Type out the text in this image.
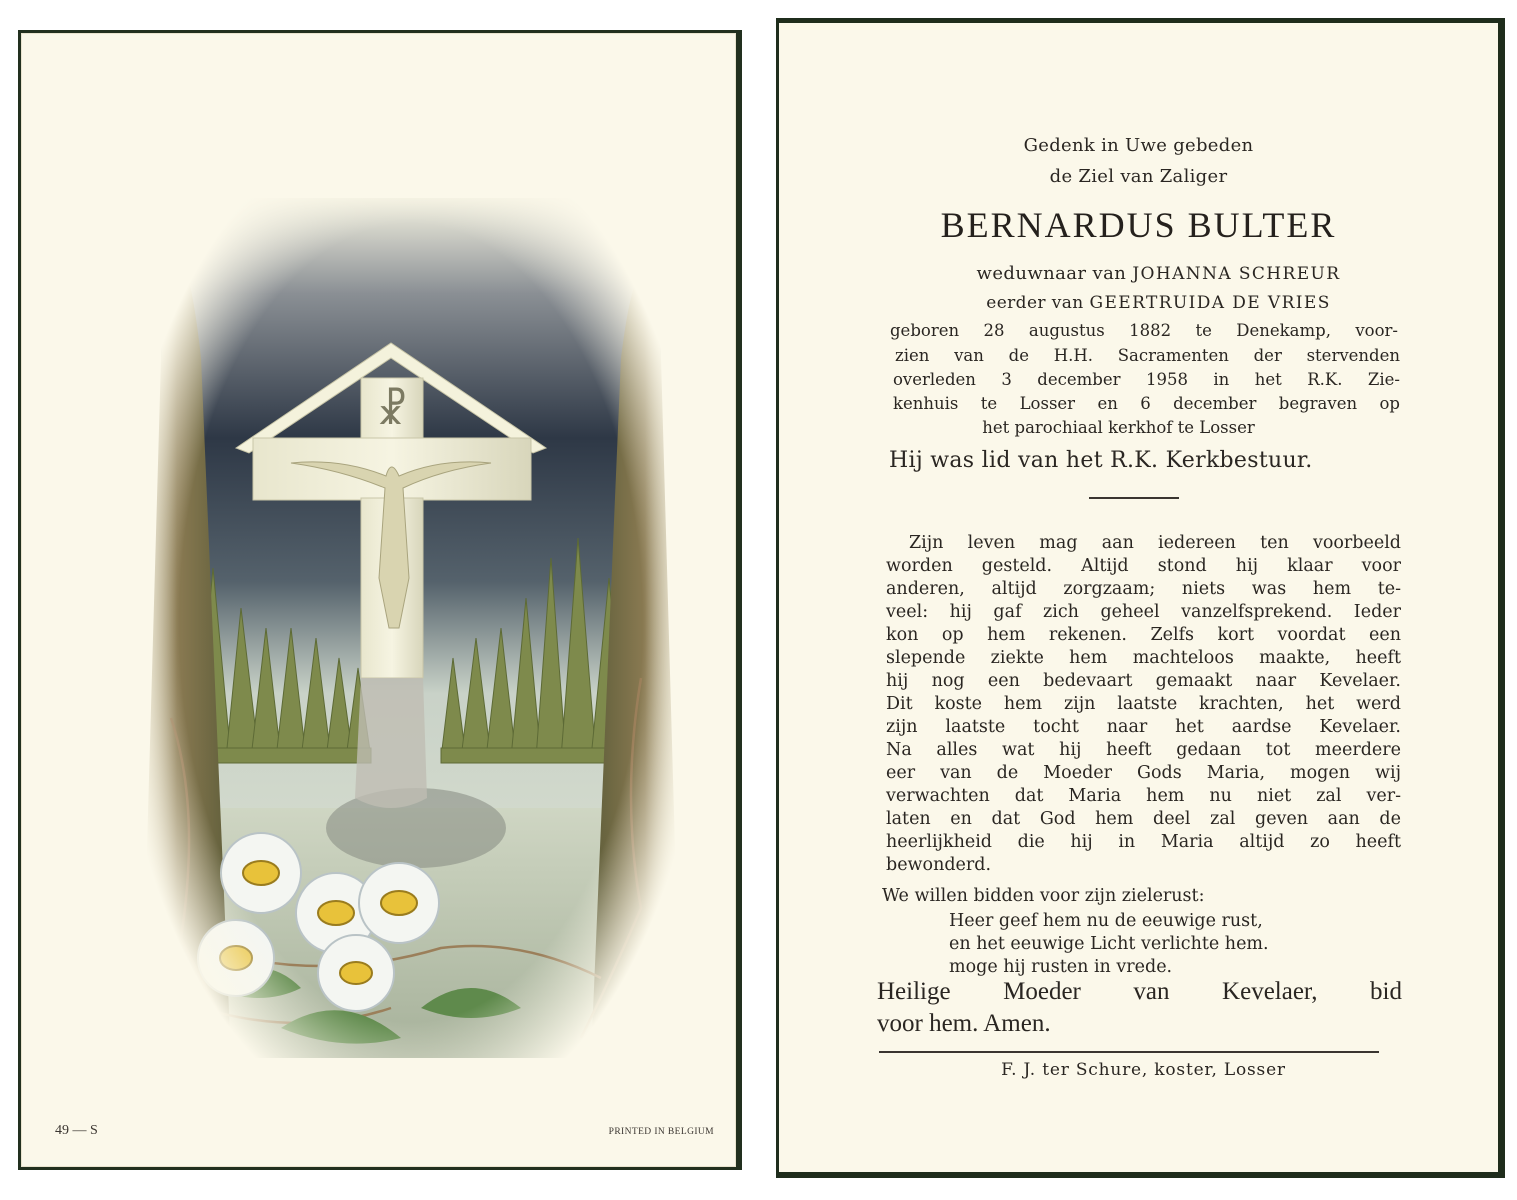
49 — S	PRINTED IN BELGIUM
Gedenk in Uwe gebeden
de Ziel van Zaliger
BERNARDUS BULTER
weduwnaar van JOHANNA SCHREUR
eerder van GEERTRUIDA DE VRIES
geboren 28 augustus 1882 te Denekamp, voor-
zien van de H.H. Sacramenten der stervenden
overleden 3 december 1958 in het R.K. Zie-
kenhuis te Losser en 6 december begraven op
het parochiaal kerkhof te Losser
Hij was lid van het R.K. Kerkbestuur.
Zijn leven mag aan iedereen ten voorbeeld
worden gesteld. Altijd stond hij klaar voor
anderen, altijd zorgzaam; niets was hem te-
veel: hij gaf zich geheel vanzelfsprekend. Ieder
kon op hem rekenen. Zelfs kort voordat een
slepende ziekte hem machteloos maakte, heeft
hij nog een bedevaart gemaakt naar Kevelaer.
Dit koste hem zijn laatste krachten, het werd
zijn laatste tocht naar het aardse Kevelaer.
Na alles wat hij heeft gedaan tot meerdere
eer van de Moeder Gods Maria, mogen wij
verwachten dat Maria hem nu niet zal ver-
laten en dat God hem deel zal geven aan de
heerlijkheid die hij in Maria altijd zo heeft
bewonderd.
We willen bidden voor zijn zielerust:
Heer geef hem nu de eeuwige rust,
en het eeuwige Licht verlichte hem.
moge hij rusten in vrede.
Heilige Moeder van Kevelaer, bid
voor hem. Amen.
F. J. ter Schure, koster, Losser
